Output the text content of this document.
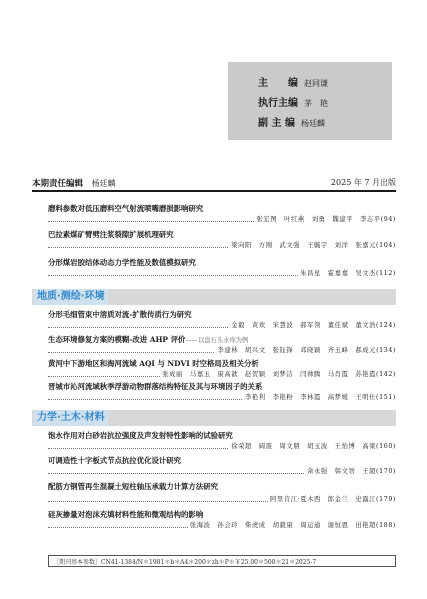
主　　编 赵同谦
执行主编 茅　艳
副 主 编 杨廷麟
本期责任编辑 杨廷麟	2025 年 7 月出版
磨料参数对低压磨料空气射流喷嘴磨损影响研究
张宏图　叶红燕　刘勇　魏建平　李志平(94)
巴拉素煤矿臂劈注浆裂隙扩展机理研究
梁向阳　方刚　武文强　王毓宇　刘洋　张嘉元(104)
分形煤岩胶结体动态力学性能及数值模拟研究
朱昌星　霍嘉嘉　吴文杰(112)
地质·测绘·环境
分形毛细管束中溶质对流-扩散传质行为研究
金毅　黄欢　宋慧波　郝军领　董佳斌　董文浩(124)
生态环境修复方案的模糊-改进 AHP 评价——以盘石头水库为例
李建林　胡兴文　张钰锋　邓晓颖　齐玉峰　郝成元(134)
黄河中下游地区和海河流域 AQI 与 NDVI 时空格局及相关分析
张成丽　马嘉玉　康高歆　赵贺颖　刘梦洁　闫帅腾　马肖霞　苏艳霞(142)
晋城市沁河流域秋季浮游动物群落结构特征及其与环境因子的关系
李艳利　李艳粉　李林霞　高梦媛　王明仕(151)
力学·土木·材料
饱水作用对白砂岩抗拉强度及声发射特性影响的试验研究
徐荣超　阔震　周文朋　胡玉波　王怡博　高梁(160)
可调造性十字板式节点抗拉优化设计研究
余永强　韩文智　王超(170)
配筋方钢管再生混凝土短柱轴压承载力计算方法研究
阿里肯江·夏木西　郎金兰　史露江(179)
硅灰掺量对泡沫充填材料性能和微观结构的影响
张海波　孙会玲　柴虎成　胡毅康　周运通　谢恒恩　田艳超(188)
［期刊基本参数］CN41-1384/N＊1981＊b＊A4＊200＊zh＊P＊￥25.00＊500＊21＊2025-7
